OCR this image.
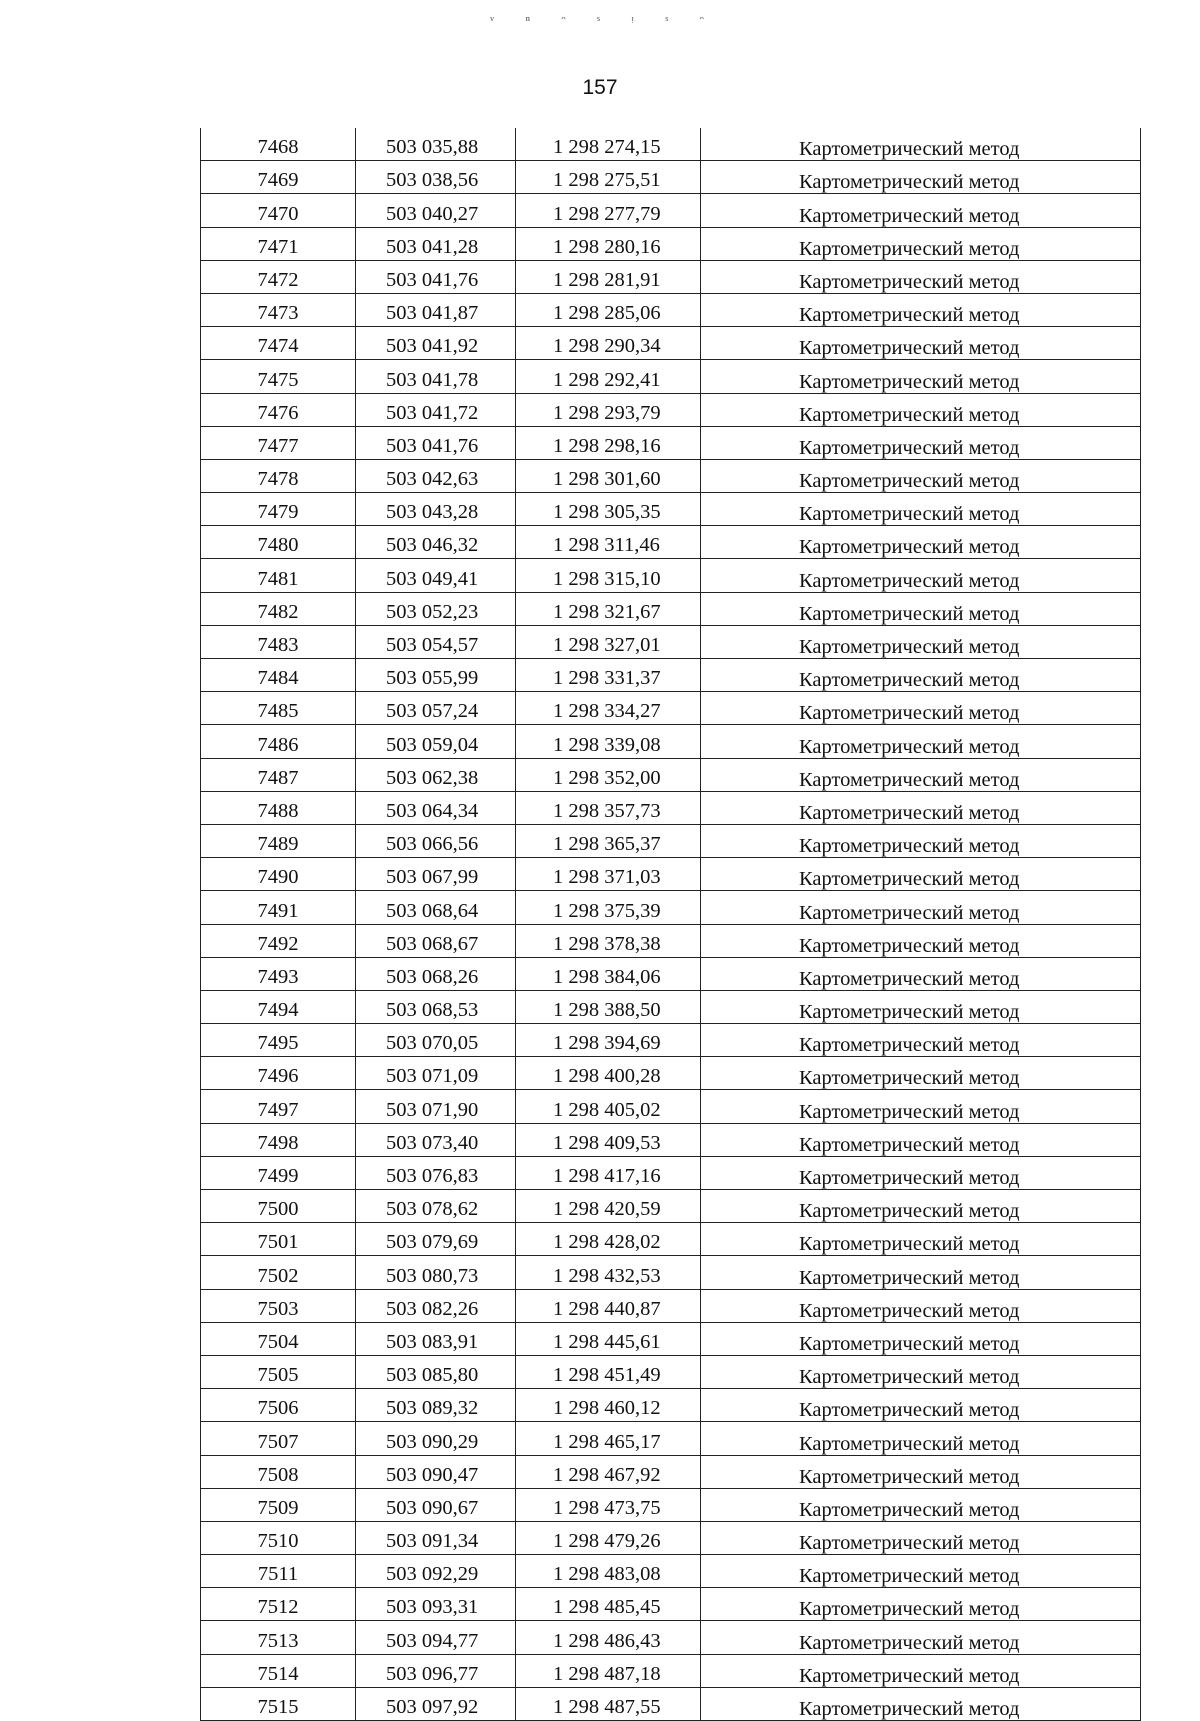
ᵛ ⁿ ᵔ ˢ ᵎ ˢ ᵔ
157
7468	503 035,88	1 298 274,15	Картометрический метод
7469	503 038,56	1 298 275,51	Картометрический метод
7470	503 040,27	1 298 277,79	Картометрический метод
7471	503 041,28	1 298 280,16	Картометрический метод
7472	503 041,76	1 298 281,91	Картометрический метод
7473	503 041,87	1 298 285,06	Картометрический метод
7474	503 041,92	1 298 290,34	Картометрический метод
7475	503 041,78	1 298 292,41	Картометрический метод
7476	503 041,72	1 298 293,79	Картометрический метод
7477	503 041,76	1 298 298,16	Картометрический метод
7478	503 042,63	1 298 301,60	Картометрический метод
7479	503 043,28	1 298 305,35	Картометрический метод
7480	503 046,32	1 298 311,46	Картометрический метод
7481	503 049,41	1 298 315,10	Картометрический метод
7482	503 052,23	1 298 321,67	Картометрический метод
7483	503 054,57	1 298 327,01	Картометрический метод
7484	503 055,99	1 298 331,37	Картометрический метод
7485	503 057,24	1 298 334,27	Картометрический метод
7486	503 059,04	1 298 339,08	Картометрический метод
7487	503 062,38	1 298 352,00	Картометрический метод
7488	503 064,34	1 298 357,73	Картометрический метод
7489	503 066,56	1 298 365,37	Картометрический метод
7490	503 067,99	1 298 371,03	Картометрический метод
7491	503 068,64	1 298 375,39	Картометрический метод
7492	503 068,67	1 298 378,38	Картометрический метод
7493	503 068,26	1 298 384,06	Картометрический метод
7494	503 068,53	1 298 388,50	Картометрический метод
7495	503 070,05	1 298 394,69	Картометрический метод
7496	503 071,09	1 298 400,28	Картометрический метод
7497	503 071,90	1 298 405,02	Картометрический метод
7498	503 073,40	1 298 409,53	Картометрический метод
7499	503 076,83	1 298 417,16	Картометрический метод
7500	503 078,62	1 298 420,59	Картометрический метод
7501	503 079,69	1 298 428,02	Картометрический метод
7502	503 080,73	1 298 432,53	Картометрический метод
7503	503 082,26	1 298 440,87	Картометрический метод
7504	503 083,91	1 298 445,61	Картометрический метод
7505	503 085,80	1 298 451,49	Картометрический метод
7506	503 089,32	1 298 460,12	Картометрический метод
7507	503 090,29	1 298 465,17	Картометрический метод
7508	503 090,47	1 298 467,92	Картометрический метод
7509	503 090,67	1 298 473,75	Картометрический метод
7510	503 091,34	1 298 479,26	Картометрический метод
7511	503 092,29	1 298 483,08	Картометрический метод
7512	503 093,31	1 298 485,45	Картометрический метод
7513	503 094,77	1 298 486,43	Картометрический метод
7514	503 096,77	1 298 487,18	Картометрический метод
7515	503 097,92	1 298 487,55	Картометрический метод
